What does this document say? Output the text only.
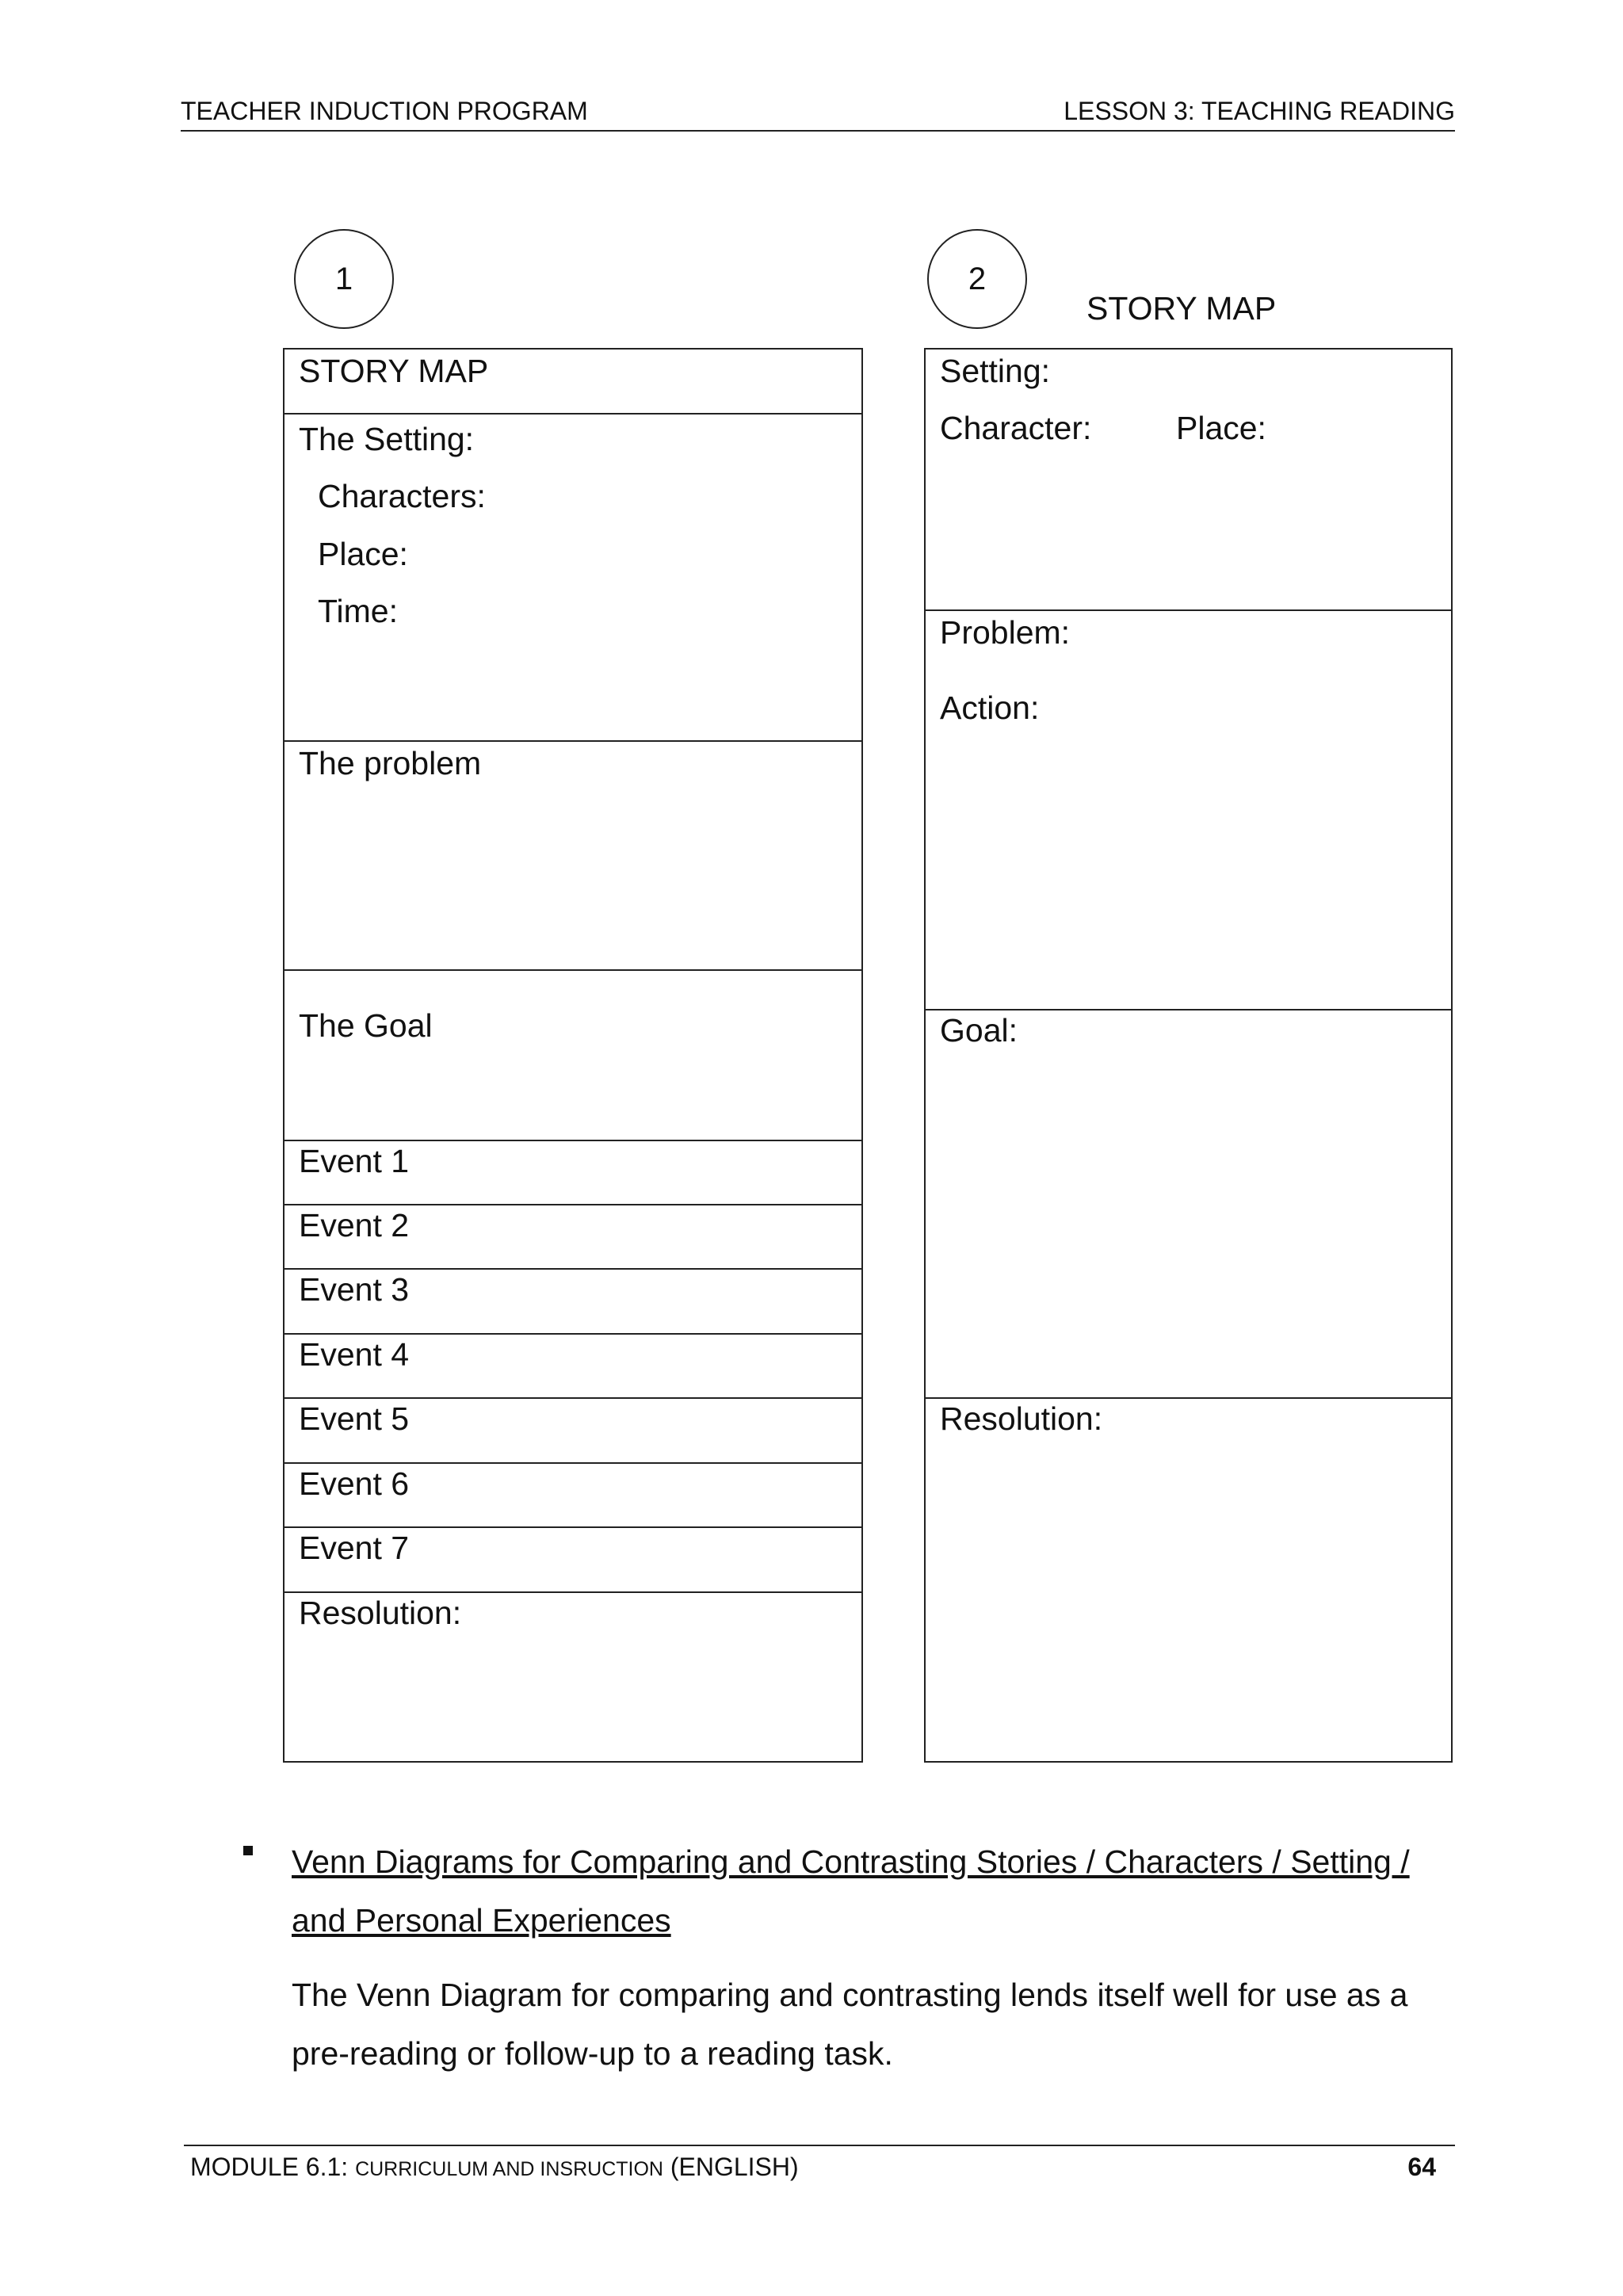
TEACHER INDUCTION PROGRAM	LESSON 3: TEACHING READING
1	2
STORY MAP
STORY MAP
The Setting:
Characters:
Place:
Time:
The problem
The Goal
Event 1
Event 2
Event 3
Event 4
Event 5
Event 6
Event 7
Resolution:
Setting:
Character:	Place:
Problem:
Action:
Goal:
Resolution:
Venn Diagrams for Comparing and Contrasting Stories / Characters / Setting / and Personal Experiences
The Venn Diagram for comparing and contrasting lends itself well for use as a pre-reading or follow-up to a reading task.
MODULE 6.1: CURRICULUM AND INSRUCTION (ENGLISH)	64
